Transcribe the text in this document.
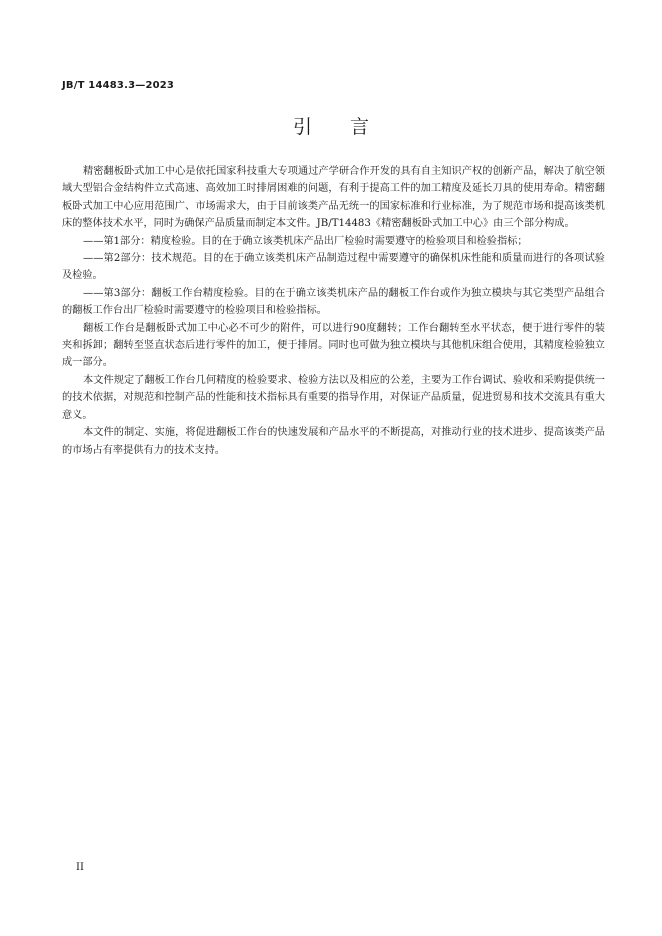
JB/T 14483.3—2023
引言

精密翻板卧式加工中心是依托国家科技重大专项通过产学研合作开发的具有自主知识产权的创新产品，解决了航空领域大型铝合金结构件立式高速、高效加工时排屑困难的问题，有利于提高工件的加工精度及延长刀具的使用寿命。精密翻板卧式加工中心应用范围广、市场需求大，由于目前该类产品无统一的国家标准和行业标准，为了规范市场和提高该类机床的整体技术水平，同时为确保产品质量而制定本文件。JB/T14483《精密翻板卧式加工中心》由三个部分构成。

——第1部分：精度检验。目的在于确立该类机床产品出厂检验时需要遵守的检验项目和检验指标；

——第2部分：技术规范。目的在于确立该类机床产品制造过程中需要遵守的确保机床性能和质量而进行的各项试验及检验。

——第3部分：翻板工作台精度检验。目的在于确立该类机床产品的翻板工作台或作为独立模块与其它类型产品组合的翻板工作台出厂检验时需要遵守的检验项目和检验指标。

翻板工作台是翻板卧式加工中心必不可少的附件，可以进行90度翻转；工作台翻转至水平状态，便于进行零件的装夹和拆卸；翻转至竖直状态后进行零件的加工，便于排屑。同时也可做为独立模块与其他机床组合使用，其精度检验独立成一部分。

本文件规定了翻板工作台几何精度的检验要求、检验方法以及相应的公差，主要为工作台调试、验收和采购提供统一的技术依据，对规范和控制产品的性能和技术指标具有重要的指导作用，对保证产品质量，促进贸易和技术交流具有重大意义。

本文件的制定、实施，将促进翻板工作台的快速发展和产品水平的不断提高，对推动行业的技术进步、提高该类产品的市场占有率提供有力的技术支持。

II
